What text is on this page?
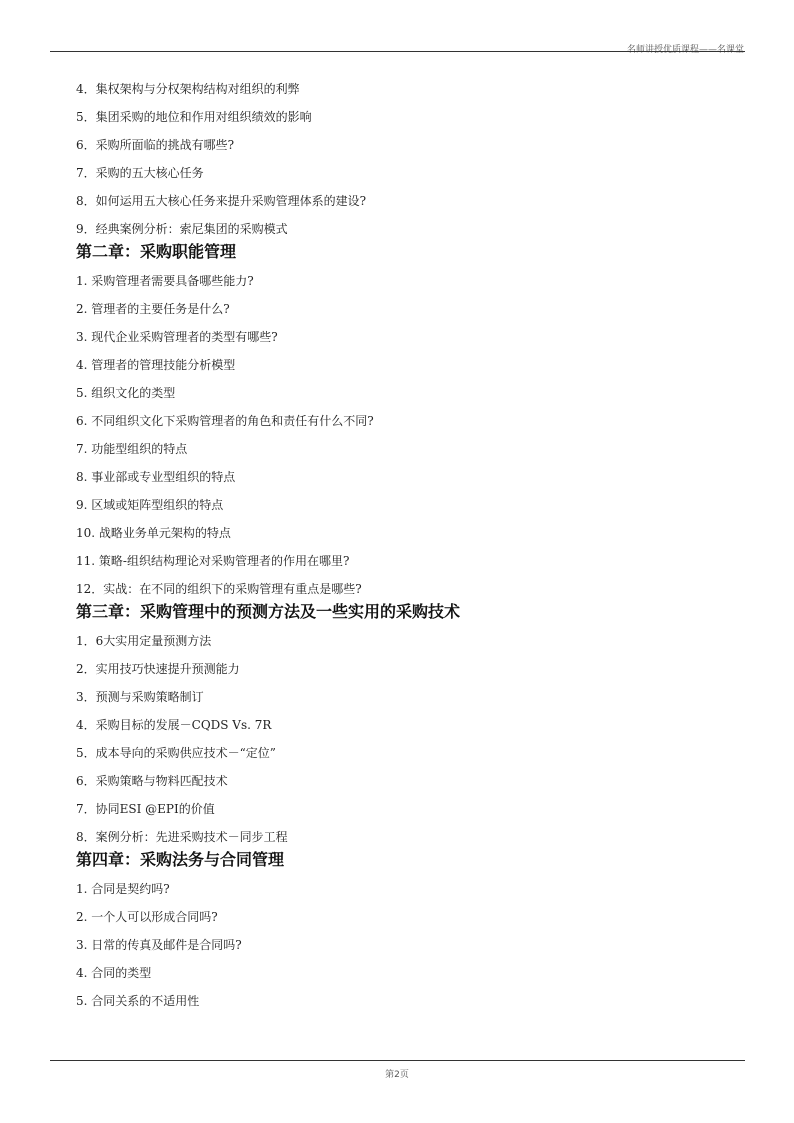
名师讲授优质课程——名课堂
4．集权架构与分权架构结构对组织的利弊
5．集团采购的地位和作用对组织绩效的影响
6．采购所面临的挑战有哪些?
7．采购的五大核心任务
8．如何运用五大核心任务来提升采购管理体系的建设?
9．经典案例分析：索尼集团的采购模式
第二章：采购职能管理
1. 采购管理者需要具备哪些能力?
2. 管理者的主要任务是什么?
3. 现代企业采购管理者的类型有哪些?
4. 管理者的管理技能分析模型
5. 组织文化的类型
6. 不同组织文化下采购管理者的角色和责任有什么不同?
7. 功能型组织的特点
8. 事业部或专业型组织的特点
9. 区域或矩阵型组织的特点
10. 战略业务单元架构的特点
11. 策略-组织结构理论对采购管理者的作用在哪里?
12．实战：在不同的组织下的采购管理有重点是哪些?
第三章：采购管理中的预测方法及一些实用的采购技术
1．6大实用定量预测方法
2．实用技巧快速提升预测能力
3．预测与采购策略制订
4．采购目标的发展－CQDS Vs. 7R
5．成本导向的采购供应技术－“定位”
6．采购策略与物料匹配技术
7．协同ESI @EPI的价值
8．案例分析：先进采购技术－同步工程
第四章：采购法务与合同管理
1. 合同是契约吗?
2. 一个人可以形成合同吗?
3. 日常的传真及邮件是合同吗?
4. 合同的类型
5. 合同关系的不适用性
第2页
